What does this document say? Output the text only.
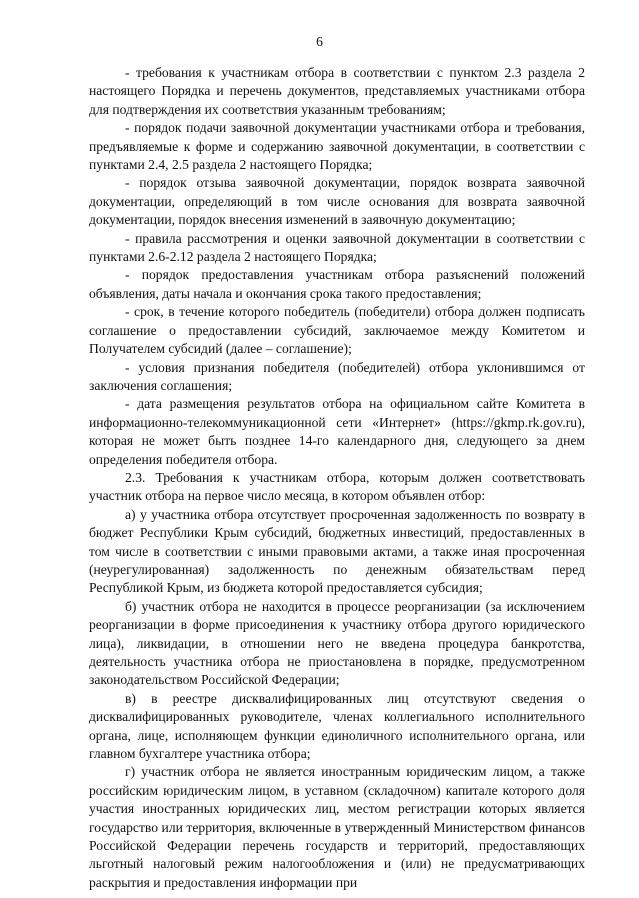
6

- требования к участникам отбора в соответствии с пунктом 2.3 раздела 2 настоящего Порядка и перечень документов, представляемых участниками отбора для подтверждения их соответствия указанным требованиям;

- порядок подачи заявочной документации участниками отбора и требования, предъявляемые к форме и содержанию заявочной документации, в соответствии с пунктами 2.4, 2.5 раздела 2 настоящего Порядка;

- порядок отзыва заявочной документации, порядок возврата заявочной документации, определяющий в том числе основания для возврата заявочной документации, порядок внесения изменений в заявочную документацию;

- правила рассмотрения и оценки заявочной документации в соответствии с пунктами 2.6-2.12 раздела 2 настоящего Порядка;

- порядок предоставления участникам отбора разъяснений положений объявления, даты начала и окончания срока такого предоставления;

- срок, в течение которого победитель (победители) отбора должен подписать соглашение о предоставлении субсидий, заключаемое между Комитетом и Получателем субсидий (далее – соглашение);

- условия признания победителя (победителей) отбора уклонившимся от заключения соглашения;

- дата размещения результатов отбора на официальном сайте Комитета в информационно-телекоммуникационной сети «Интернет» (https://gkmp.rk.gov.ru), которая не может быть позднее 14-го календарного дня, следующего за днем определения победителя отбора.

2.3. Требования к участникам отбора, которым должен соответствовать участник отбора на первое число месяца, в котором объявлен отбор:

а) у участника отбора отсутствует просроченная задолженность по возврату в бюджет Республики Крым субсидий, бюджетных инвестиций, предоставленных в том числе в соответствии с иными правовыми актами, а также иная просроченная (неурегулированная) задолженность по денежным обязательствам перед Республикой Крым, из бюджета которой предоставляется субсидия;

б) участник отбора не находится в процессе реорганизации (за исключением реорганизации в форме присоединения к участнику отбора другого юридического лица), ликвидации, в отношении него не введена процедура банкротства, деятельность участника отбора не приостановлена в порядке, предусмотренном законодательством Российской Федерации;

в) в реестре дисквалифицированных лиц отсутствуют сведения о дисквалифицированных руководителе, членах коллегиального исполнительного органа, лице, исполняющем функции единоличного исполнительного органа, или главном бухгалтере участника отбора;

г) участник отбора не является иностранным юридическим лицом, а также российским юридическим лицом, в уставном (складочном) капитале которого доля участия иностранных юридических лиц, местом регистрации которых является государство или территория, включенные в утвержденный Министерством финансов Российской Федерации перечень государств и территорий, предоставляющих льготный налоговый режим налогообложения и (или) не предусматривающих раскрытия и предоставления информации при
